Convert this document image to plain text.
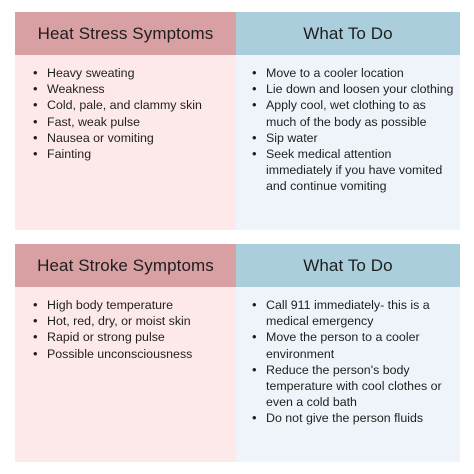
Heat Stress Symptoms	What To Do
• Heavy sweating
• Weakness
• Cold, pale, and clammy skin
• Fast, weak pulse
• Nausea or vomiting
• Fainting
• Move to a cooler location
• Lie down and loosen your clothing
• Apply cool, wet clothing to as much of the body as possible
• Sip water
• Seek medical attention immediately if you have vomited and continue vomiting
Heat Stroke Symptoms	What To Do
• High body temperature
• Hot, red, dry, or moist skin
• Rapid or strong pulse
• Possible unconsciousness
• Call 911 immediately- this is a medical emergency
• Move the person to a cooler environment
• Reduce the person's body temperature with cool clothes or even a cold bath
• Do not give the person fluids
